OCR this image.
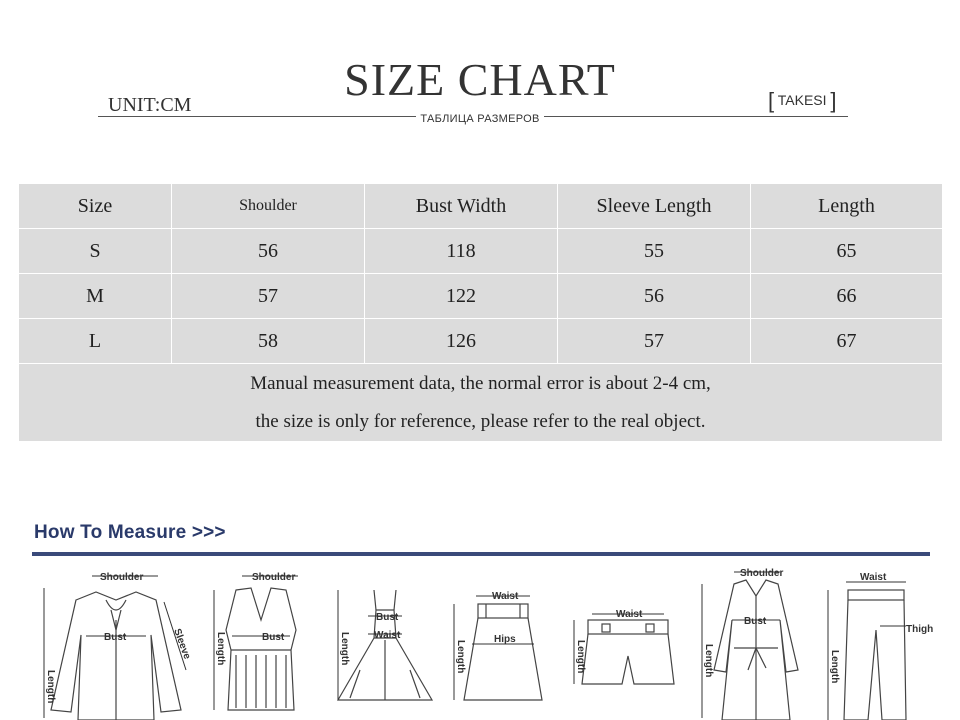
SIZE CHART
UNIT:CM
ТАБЛИЦА РАЗМЕРОВ
[ TAKESI ]
Size	Shoulder	Bust Width	Sleeve Length	Length
S	56	118	55	65
M	57	122	56	66
L	58	126	57	67

Manual measurement data, the normal error is about 2-4 cm,
the size is only for reference, please refer to the real object.				
How To Measure >>>
Shoulder
Bust	Sleeve
Length
Shoulder
Bust
Length
Bust
Waist
Length
Waist
Hips
Length
Waist
Length
Shoulder
Bust
Length
Waist
Thigh
Length
